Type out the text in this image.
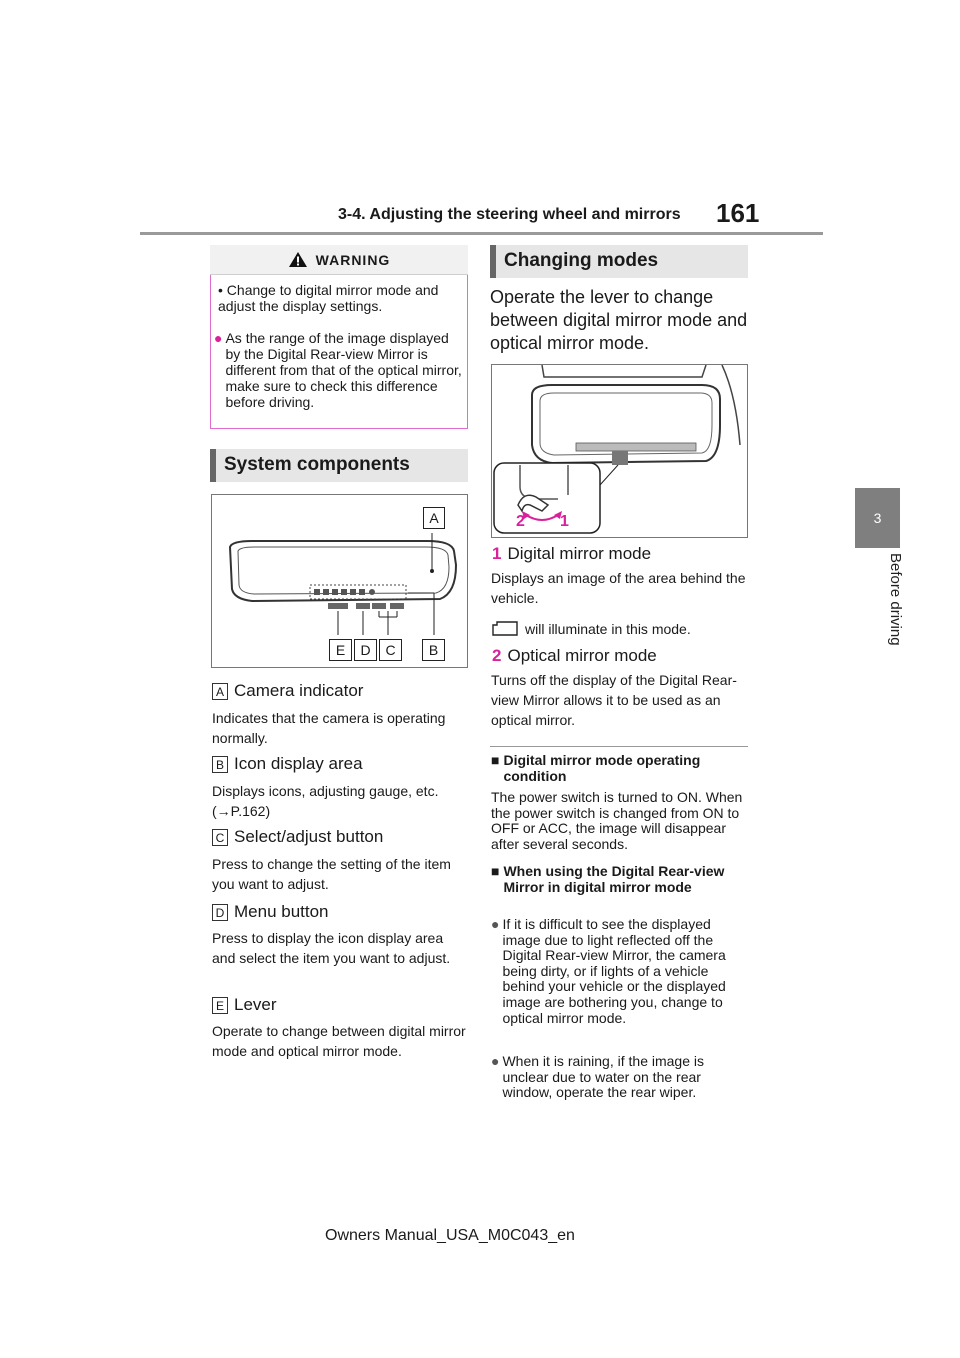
3-4. Adjusting the steering wheel and mirrors 161
3
Before driving
WARNING
• Change to digital mirror mode and adjust the display settings.
● As the range of the image displayed by the Digital Rear-view Mirror is different from that of the optical mirror, make sure to check this difference before driving.
System components
A
E	D	C	B
A Camera indicator
Indicates that the camera is operating normally.
B Icon display area
Displays icons, adjusting gauge, etc. (→P.162)
C Select/adjust button
Press to change the setting of the item you want to adjust.
D Menu button
Press to display the icon display area and select the item you want to adjust.
E Lever
Operate to change between digital mirror mode and optical mirror mode.
Changing modes
Operate the lever to change between digital mirror mode and optical mirror mode.
2 1
1 Digital mirror mode
Displays an image of the area behind the vehicle.
will illuminate in this mode.
2 Optical mirror mode
Turns off the display of the Digital Rear-view Mirror allows it to be used as an optical mirror.
■ Digital mirror mode operating condition
The power switch is turned to ON. When the power switch is changed from ON to OFF or ACC, the image will disappear after several seconds.
■ When using the Digital Rear-view Mirror in digital mirror mode
● If it is difficult to see the displayed image due to light reflected off the Digital Rear-view Mirror, the camera being dirty, or if lights of a vehicle behind your vehicle or the displayed image are bothering you, change to optical mirror mode.
● When it is raining, if the image is unclear due to water on the rear window, operate the rear wiper.
Owners Manual_USA_M0C043_en
